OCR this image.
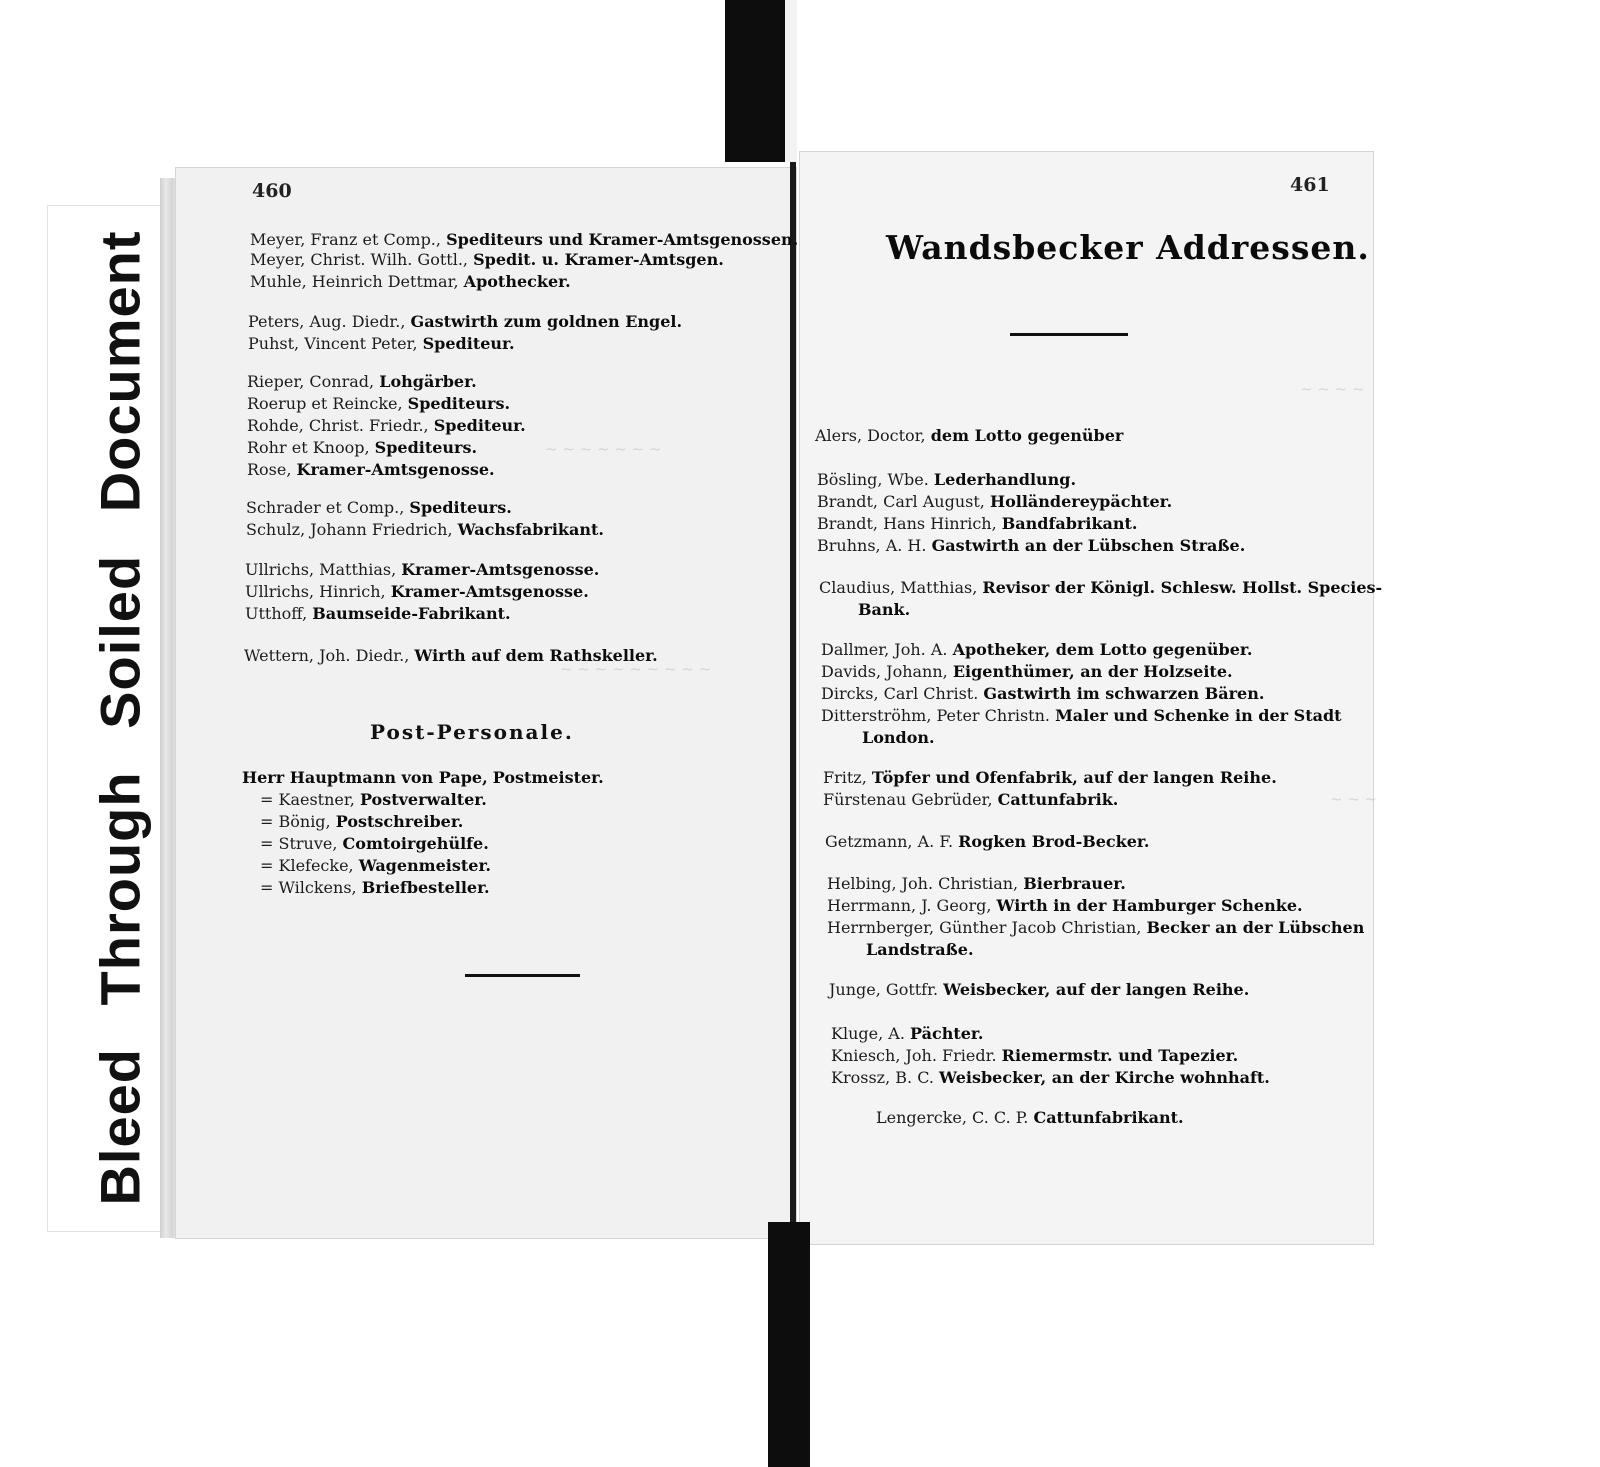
Bleed Through Soiled Document	~ ~ ~ ~ ~ ~ ~
~ ~ ~ ~ ~ ~ ~ ~ ~
~ ~ ~ ~
~ ~ ~
460	461
Meyer, Franz et Comp., Spediteurs und Kramer-Amtsgenossen.
Meyer, Christ. Wilh. Gottl., Spedit. u. Kramer-Amtsgen.
Muhle, Heinrich Dettmar, Apothecker.
Peters, Aug. Diedr., Gastwirth zum goldnen Engel.
Puhst, Vincent Peter, Spediteur.
Rieper, Conrad, Lohgärber.
Roerup et Reincke, Spediteurs.
Rohde, Christ. Friedr., Spediteur.
Rohr et Knoop, Spediteurs.
Rose, Kramer-Amtsgenosse.
Schrader et Comp., Spediteurs.
Schulz, Johann Friedrich, Wachsfabrikant.
Ullrichs, Matthias, Kramer-Amtsgenosse.
Ullrichs, Hinrich, Kramer-Amtsgenosse.
Utthoff, Baumseide-Fabrikant.
Wettern, Joh. Diedr., Wirth auf dem Rathskeller.
Post-Personale.
Herr Hauptmann von Pape, Postmeister.
= Kaestner, Postverwalter.
= Bönig, Postschreiber.
= Struve, Comtoirgehülfe.
= Klefecke, Wagenmeister.
= Wilckens, Briefbesteller.
Wandsbecker Addressen.
Alers, Doctor, dem Lotto gegenüber
Bösling, Wbe. Lederhandlung.
Brandt, Carl August, Holländereypächter.
Brandt, Hans Hinrich, Bandfabrikant.
Bruhns, A. H. Gastwirth an der Lübschen Straße.
Claudius, Matthias, Revisor der Königl. Schlesw. Hollst. Species-
Bank.
Dallmer, Joh. A. Apotheker, dem Lotto gegenüber.
Davids, Johann, Eigenthümer, an der Holzseite.
Dircks, Carl Christ. Gastwirth im schwarzen Bären.
Ditterströhm, Peter Christn. Maler und Schenke in der Stadt
London.
Fritz, Töpfer und Ofenfabrik, auf der langen Reihe.
Fürstenau Gebrüder, Cattunfabrik.
Getzmann, A. F. Rogken Brod-Becker.
Helbing, Joh. Christian, Bierbrauer.
Herrmann, J. Georg, Wirth in der Hamburger Schenke.
Herrnberger, Günther Jacob Christian, Becker an der Lübschen
Landstraße.
Junge, Gottfr. Weisbecker, auf der langen Reihe.
Kluge, A. Pächter.
Kniesch, Joh. Friedr. Riemermstr. und Tapezier.
Krossz, B. C. Weisbecker, an der Kirche wohnhaft.
Lengercke, C. C. P. Cattunfabrikant.
